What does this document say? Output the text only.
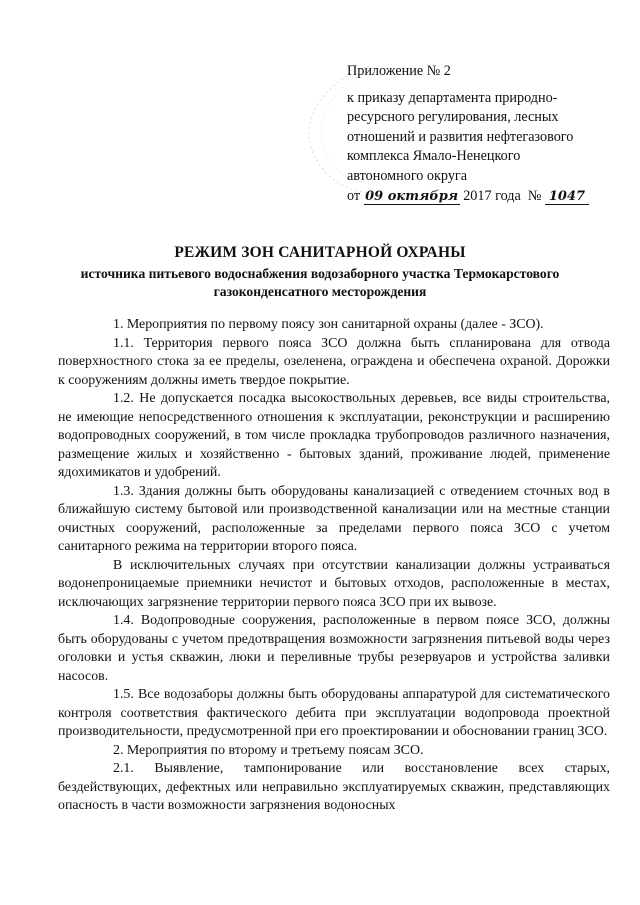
Приложение № 2
к приказу департамента природно-
ресурсного регулирования, лесных
отношений и развития нефтегазового
комплекса Ямало-Ненецкого
автономного округа
от 09 октября 2017 года № 1047
РЕЖИМ ЗОН САНИТАРНОЙ ОХРАНЫ
источника питьевого водоснабжения водозаборного участка Термокарстового газоконденсатного месторождения

1. Мероприятия по первому поясу зон санитарной охраны (далее - ЗСО).

1.1. Территория первого пояса ЗСО должна быть спланирована для отвода поверхностного стока за ее пределы, озеленена, ограждена и обеспечена охраной. Дорожки к сооружениям должны иметь твердое покрытие.

1.2. Не допускается посадка высокоствольных деревьев, все виды строительства, не имеющие непосредственного отношения к эксплуатации, реконструкции и расширению водопроводных сооружений, в том числе прокладка трубопроводов различного назначения, размещение жилых и хозяйственно - бытовых зданий, проживание людей, применение ядохимикатов и удобрений.

1.3. Здания должны быть оборудованы канализацией с отведением сточных вод в ближайшую систему бытовой или производственной канализации или на местные станции очистных сооружений, расположенные за пределами первого пояса ЗСО с учетом санитарного режима на территории второго пояса.

В исключительных случаях при отсутствии канализации должны устраиваться водонепроницаемые приемники нечистот и бытовых отходов, расположенные в местах, исключающих загрязнение территории первого пояса ЗСО при их вывозе.

1.4. Водопроводные сооружения, расположенные в первом поясе ЗСО, должны быть оборудованы с учетом предотвращения возможности загрязнения питьевой воды через оголовки и устья скважин, люки и переливные трубы резервуаров и устройства заливки насосов.

1.5. Все водозаборы должны быть оборудованы аппаратурой для систематического контроля соответствия фактического дебита при эксплуатации водопровода проектной производительности, предусмотренной при его проектировании и обосновании границ ЗСО.

2. Мероприятия по второму и третьему поясам ЗСО.

2.1. Выявление, тампонирование или восстановление всех старых, бездействующих, дефектных или неправильно эксплуатируемых скважин, представляющих опасность в части возможности загрязнения водоносных
